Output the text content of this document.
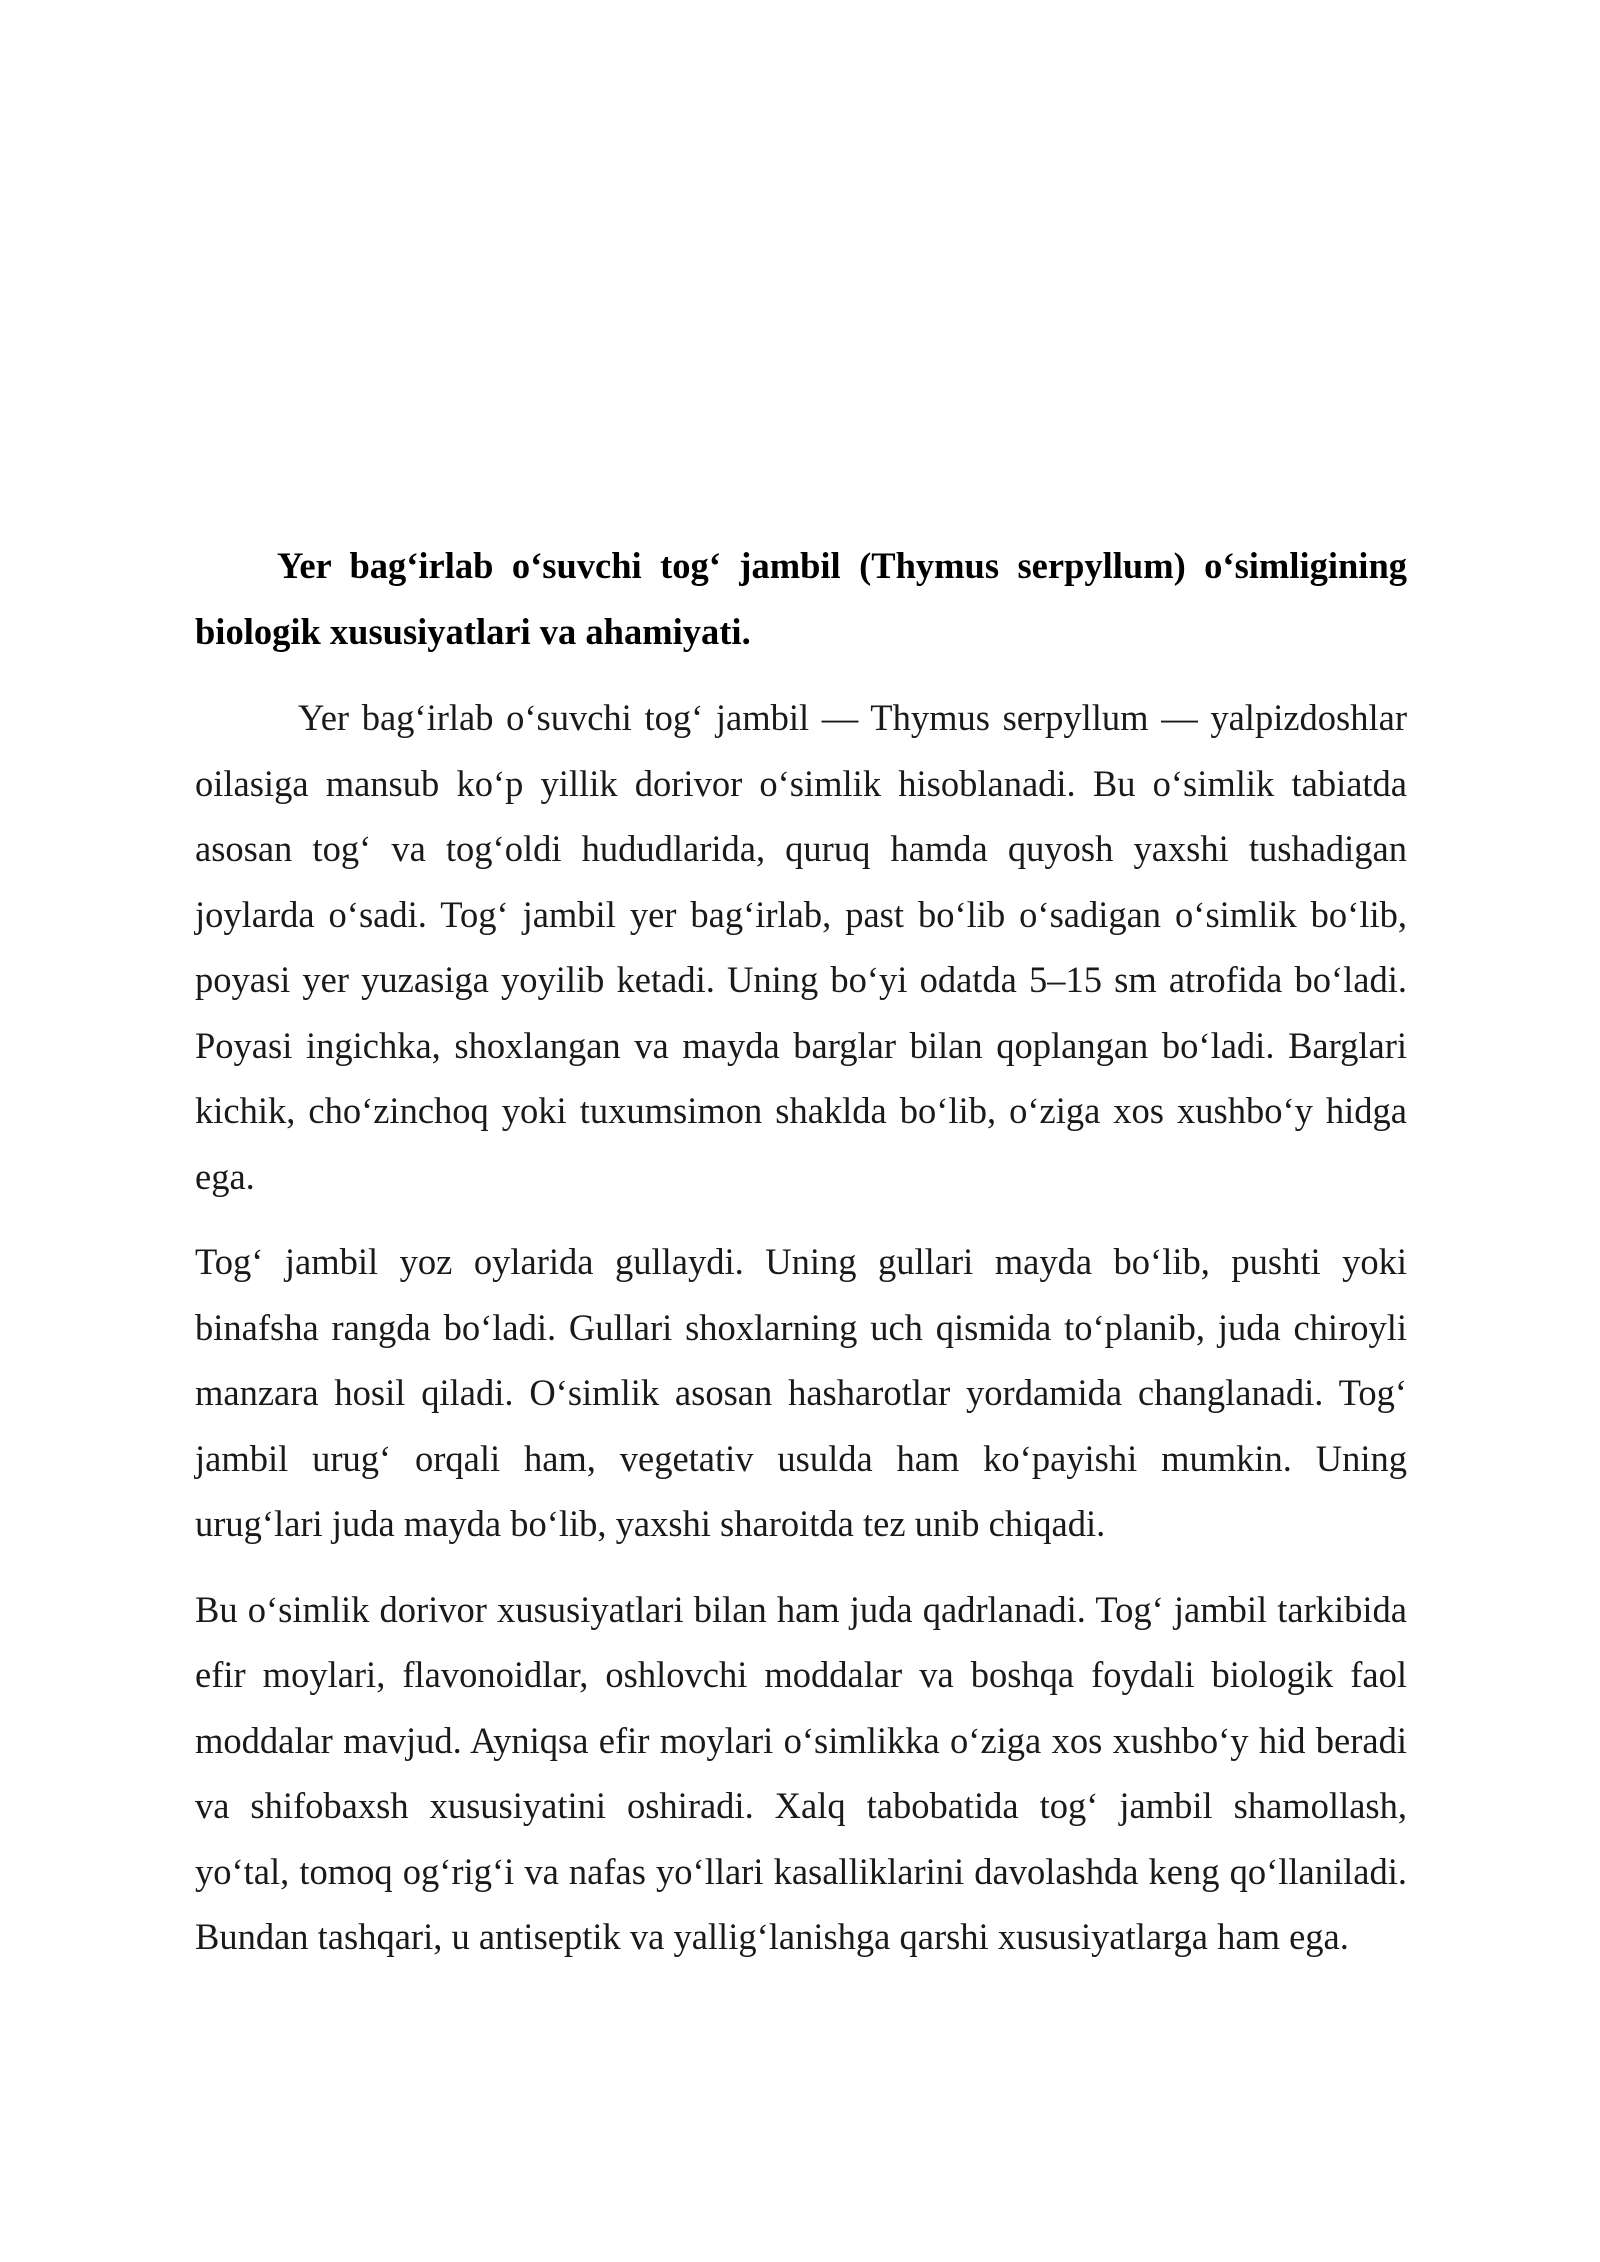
Yer bag‘irlab o‘suvchi tog‘ jambil (Thymus serpyllum) o‘simligining biologik xususiyatlari va ahamiyati.

Yer bag‘irlab o‘suvchi tog‘ jambil — Thymus serpyllum — yalpizdoshlar oilasiga mansub ko‘p yillik dorivor o‘simlik hisoblanadi. Bu o‘simlik tabiatda asosan tog‘ va tog‘oldi hududlarida, quruq hamda quyosh yaxshi tushadigan joylarda o‘sadi. Tog‘ jambil yer bag‘irlab, past bo‘lib o‘sadigan o‘simlik bo‘lib, poyasi yer yuzasiga yoyilib ketadi. Uning bo‘yi odatda 5–15 sm atrofida bo‘ladi. Poyasi ingichka, shoxlangan va mayda barglar bilan qoplangan bo‘ladi. Barglari kichik, cho‘zinchoq yoki tuxumsimon shaklda bo‘lib, o‘ziga xos xushbo‘y hidga ega.

Tog‘ jambil yoz oylarida gullaydi. Uning gullari mayda bo‘lib, pushti yoki binafsha rangda bo‘ladi. Gullari shoxlarning uch qismida to‘planib, juda chiroyli manzara hosil qiladi. O‘simlik asosan hasharotlar yordamida changlanadi. Tog‘ jambil urug‘ orqali ham, vegetativ usulda ham ko‘payishi mumkin. Uning urug‘lari juda mayda bo‘lib, yaxshi sharoitda tez unib chiqadi.

Bu o‘simlik dorivor xususiyatlari bilan ham juda qadrlanadi. Tog‘ jambil tarkibida efir moylari, flavonoidlar, oshlovchi moddalar va boshqa foydali biologik faol moddalar mavjud. Ayniqsa efir moylari o‘simlikka o‘ziga xos xushbo‘y hid beradi va shifobaxsh xususiyatini oshiradi. Xalq tabobatida tog‘ jambil shamollash, yo‘tal, tomoq og‘rig‘i va nafas yo‘llari kasalliklarini davolashda keng qo‘llaniladi. Bundan tashqari, u antiseptik va yallig‘lanishga qarshi xususiyatlarga ham ega.
